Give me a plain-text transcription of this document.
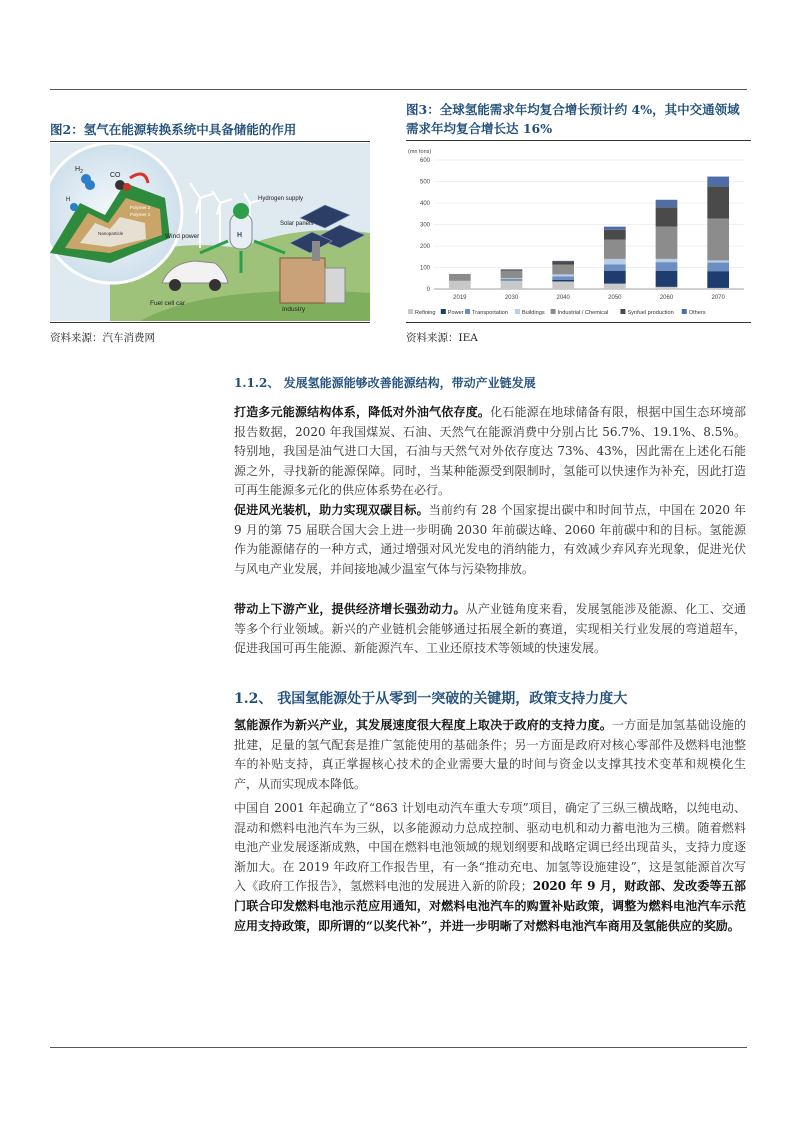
图2：氢气在能源转换系统中具备储能的作用
$H_2$	CO
H
Polymer 2
Polymer 1
Nanoparticle	Wind power	H
Hydrogen supply
Solar panels
Fuel cell car
Industry
资料来源：汽车消费网
图3：全球氢能需求年均复合增长预计约 4%，其中交通领域需求年均复合增长达 16%
(mn tons)
0
100
200
300
400
500
600
2019	2030	2040	2050	2060	2070
Refining Power Transportation	Buildings Industrial / Chemical	Synfuel production	Others
资料来源：IEA
1.1.2、 发展氢能源能够改善能源结构，带动产业链发展
打造多元能源结构体系，降低对外油气依存度。化石能源在地球储备有限，根据中国生态环境部报告数据，2020 年我国煤炭、石油、天然气在能源消费中分别占比 56.7%、19.1%、8.5%。特别地，我国是油气进口大国，石油与天然气对外依存度达 73%、43%，因此需在上述化石能源之外，寻找新的能源保障。同时，当某种能源受到限制时，氢能可以快速作为补充，因此打造可再生能源多元化的供应体系势在必行。
促进风光装机，助力实现双碳目标。当前约有 28 个国家提出碳中和时间节点，中国在 2020 年 9 月的第 75 届联合国大会上进一步明确 2030 年前碳达峰、2060 年前碳中和的目标。氢能源作为能源储存的一种方式，通过增强对风光发电的消纳能力，有效减少弃风弃光现象，促进光伏与风电产业发展，并间接地减少温室气体与污染物排放。
带动上下游产业，提供经济增长强劲动力。从产业链角度来看，发展氢能涉及能源、化工、交通等多个行业领域。新兴的产业链机会能够通过拓展全新的赛道，实现相关行业发展的弯道超车，促进我国可再生能源、新能源汽车、工业还原技术等领域的快速发展。
1.2、 我国氢能源处于从零到一突破的关键期，政策支持力度大
氢能源作为新兴产业，其发展速度很大程度上取决于政府的支持力度。一方面是加氢基础设施的批建，足量的氢气配套是推广氢能使用的基础条件；另一方面是政府对核心零部件及燃料电池整车的补贴支持，真正掌握核心技术的企业需要大量的时间与资金以支撑其技术变革和规模化生产，从而实现成本降低。
中国自 2001 年起确立了“863 计划电动汽车重大专项”项目，确定了三纵三横战略，以纯电动、混动和燃料电池汽车为三纵，以多能源动力总成控制、驱动电机和动力蓄电池为三横。随着燃料电池产业发展逐渐成熟，中国在燃料电池领域的规划纲要和战略定调已经出现苗头，支持力度逐渐加大。在 2019 年政府工作报告里，有一条“推动充电、加氢等设施建设”，这是氢能源首次写入《政府工作报告》，氢燃料电池的发展进入新的阶段；2020 年 9 月，财政部、发改委等五部门联合印发燃料电池示范应用通知，对燃料电池汽车的购置补贴政策，调整为燃料电池汽车示范应用支持政策，即所谓的“以奖代补”，并进一步明晰了对燃料电池汽车商用及氢能供应的奖励。
